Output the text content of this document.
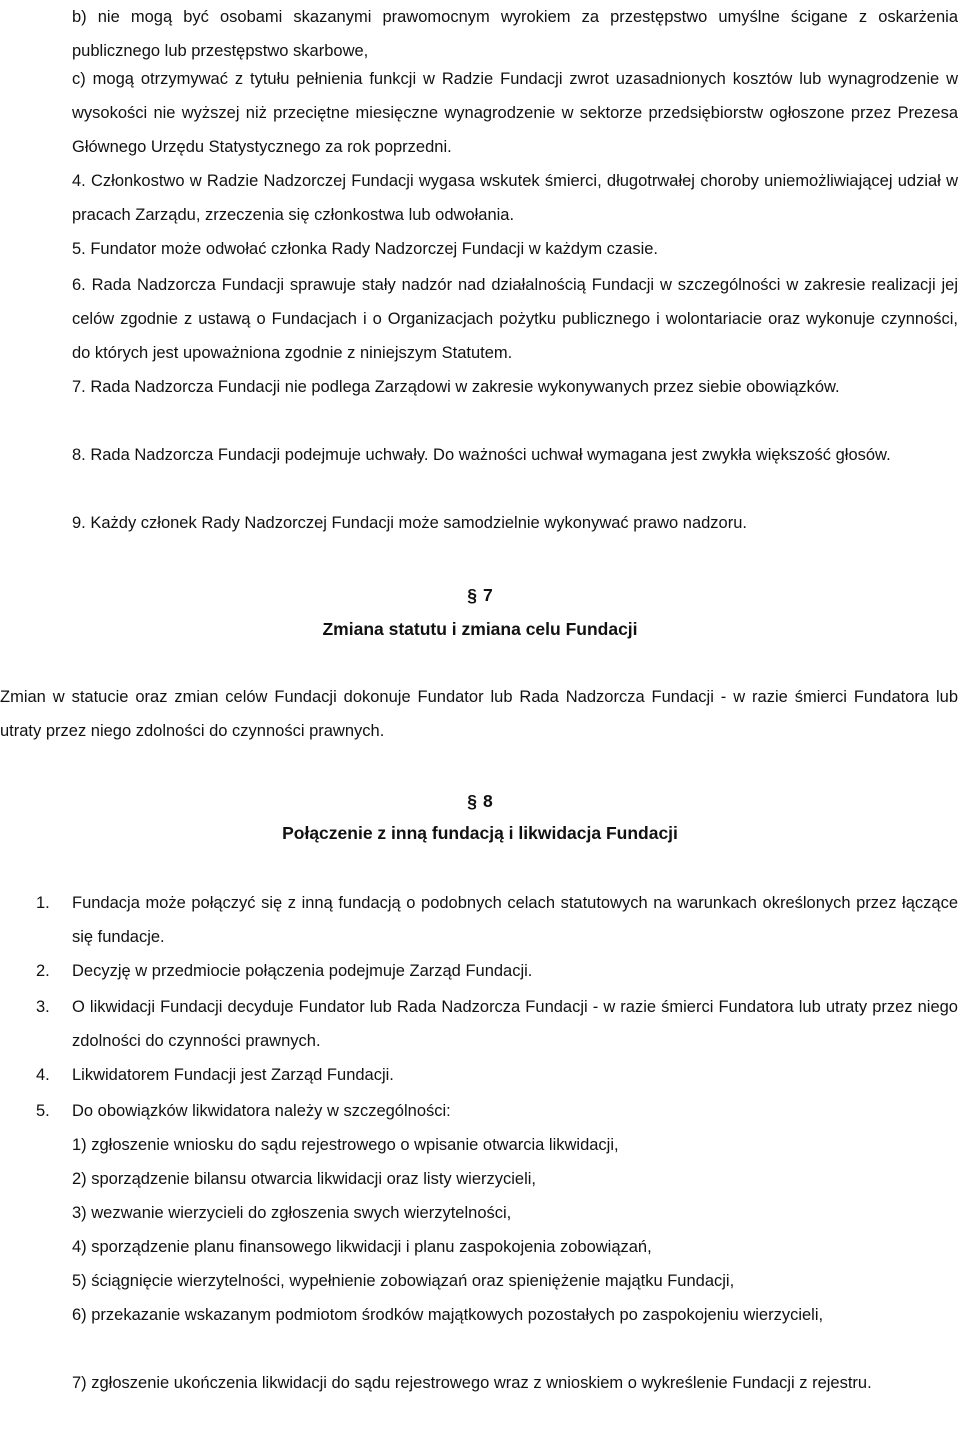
b) nie mogą być osobami skazanymi prawomocnym wyrokiem za przestępstwo umyślne ścigane z oskarżenia publicznego lub przestępstwo skarbowe,

c) mogą otrzymywać z tytułu pełnienia funkcji w Radzie Fundacji zwrot uzasadnionych kosztów lub wynagrodzenie w wysokości nie wyższej niż przeciętne miesięczne wynagrodzenie w sektorze przedsiębiorstw ogłoszone przez Prezesa Głównego Urzędu Statystycznego za rok poprzedni.

4. Członkostwo w Radzie Nadzorczej Fundacji wygasa wskutek śmierci, długotrwałej choroby uniemożliwiającej udział w pracach Zarządu, zrzeczenia się członkostwa lub odwołania.

5. Fundator może odwołać członka Rady Nadzorczej Fundacji w każdym czasie.

6. Rada Nadzorcza Fundacji sprawuje stały nadzór nad działalnością Fundacji w szczególności w zakresie realizacji jej celów zgodnie z ustawą o Fundacjach i o Organizacjach pożytku publicznego i wolontariacie oraz wykonuje czynności, do których jest upoważniona zgodnie z niniejszym Statutem.

7. Rada Nadzorcza Fundacji nie podlega Zarządowi w zakresie wykonywanych przez siebie obowiązków.

8. Rada Nadzorcza Fundacji podejmuje uchwały. Do ważności uchwał wymagana jest zwykła większość głosów.

9. Każdy członek Rady Nadzorczej Fundacji może samodzielnie wykonywać prawo nadzoru.

§ 7
Zmiana statutu i zmiana celu Fundacji

Zmian w statucie oraz zmian celów Fundacji dokonuje Fundator lub Rada Nadzorcza Fundacji - w razie śmierci Fundatora lub utraty przez niego zdolności do czynności prawnych.

§ 8
Połączenie z inną fundacją i likwidacja Fundacji
1.	Fundacja może połączyć się z inną fundacją o podobnych celach statutowych na warunkach określonych przez łączące się fundacje.
2.	Decyzję w przedmiocie połączenia podejmuje Zarząd Fundacji.
3.	O likwidacji Fundacji decyduje Fundator lub Rada Nadzorcza Fundacji - w razie śmierci Fundatora lub utraty przez niego zdolności do czynności prawnych.
4.	Likwidatorem Fundacji jest Zarząd Fundacji.
5.	Do obowiązków likwidatora należy w szczególności:

1) zgłoszenie wniosku do sądu rejestrowego o wpisanie otwarcia likwidacji,

2) sporządzenie bilansu otwarcia likwidacji oraz listy wierzycieli,

3) wezwanie wierzycieli do zgłoszenia swych wierzytelności,

4) sporządzenie planu finansowego likwidacji i planu zaspokojenia zobowiązań,

5) ściągnięcie wierzytelności, wypełnienie zobowiązań oraz spieniężenie majątku Fundacji,

6) przekazanie wskazanym podmiotom środków majątkowych pozostałych po zaspokojeniu wierzycieli,

7) zgłoszenie ukończenia likwidacji do sądu rejestrowego wraz z wnioskiem o wykreślenie Fundacji z rejestru.
